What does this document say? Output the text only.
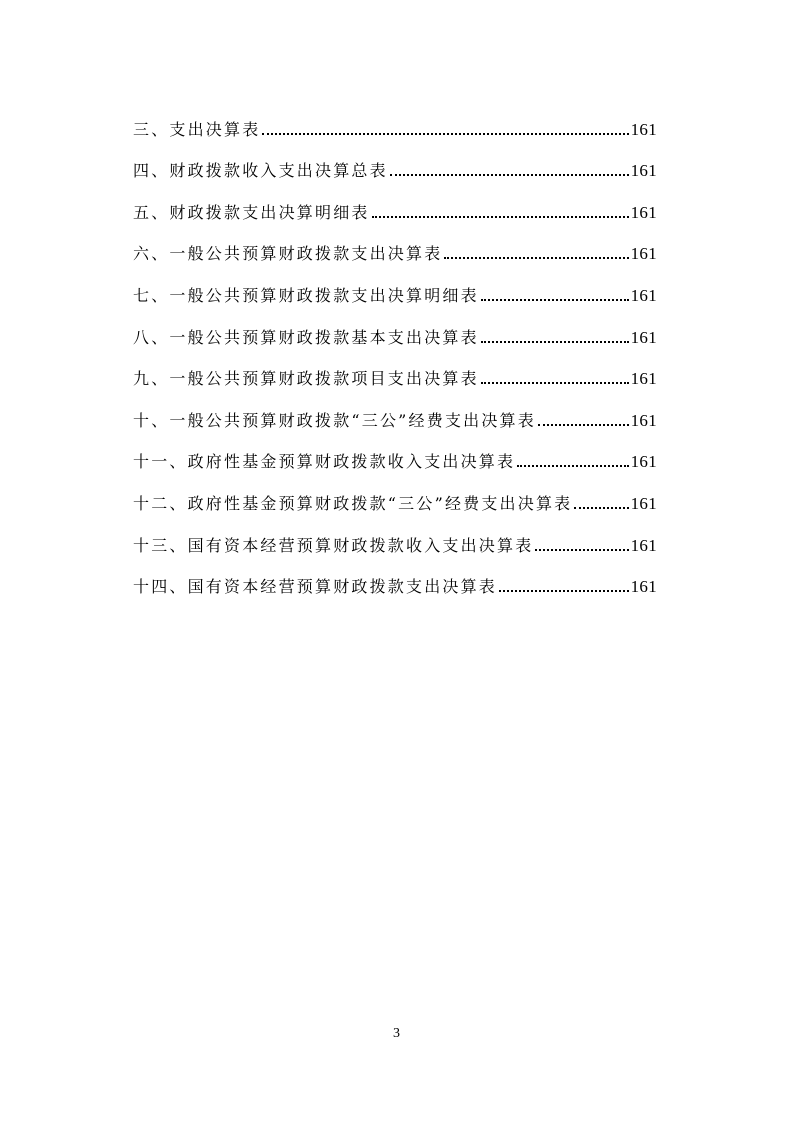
三、支出决算表	161
四、财政拨款收入支出决算总表	161
五、财政拨款支出决算明细表	161
六、一般公共预算财政拨款支出决算表	161
七、一般公共预算财政拨款支出决算明细表	161
八、一般公共预算财政拨款基本支出决算表	161
九、一般公共预算财政拨款项目支出决算表	161
十、一般公共预算财政拨款“三公”经费支出决算表	161
十一、政府性基金预算财政拨款收入支出决算表	161
十二、政府性基金预算财政拨款“三公”经费支出决算表	161
十三、国有资本经营预算财政拨款收入支出决算表	161
十四、国有资本经营预算财政拨款支出决算表	161
3
